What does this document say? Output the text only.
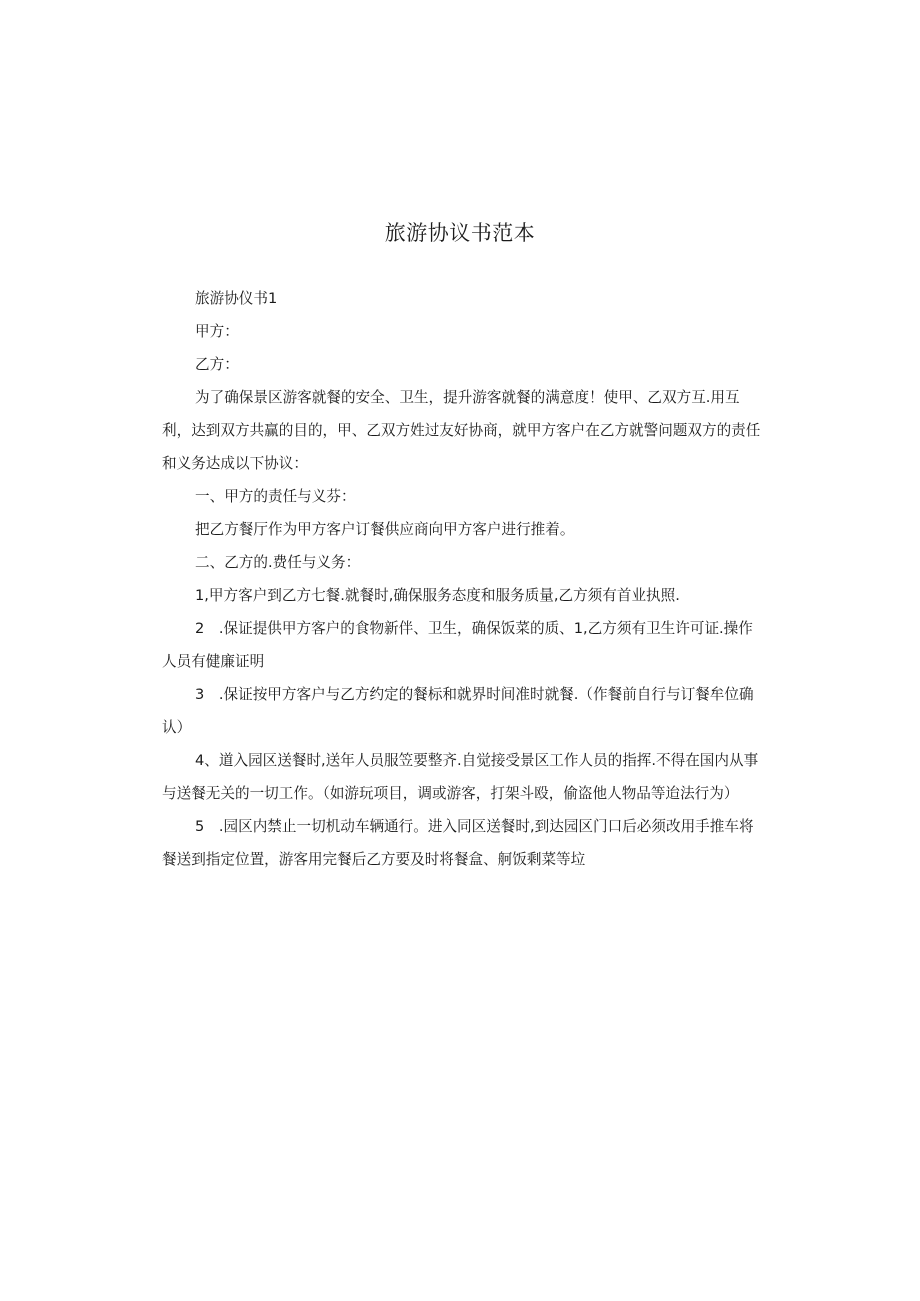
旅游协议书范本

旅游协仪书1

甲方：

乙方：

为了确保景区游客就餐的安全、卫生，提升游客就餐的满意度！使甲、乙双方互.用互利，达到双方共赢的目的，甲、乙双方姓过友好协商，就甲方客户在乙方就警问题双方的责任和义务达成以下协议：

一、甲方的责任与义芬：

把乙方餐厅作为甲方客户订餐供应商向甲方客户进行推着。

二、乙方的.费任与义务：

1,甲方客户到乙方七餐.就餐时,确保服务态度和服务质量,乙方须有首业执照.

2　.保证提供甲方客户的食物新伴、卫生，确保饭菜的质、1,乙方须有卫生许可证.操作人员有健廉证明

3　.保证按甲方客户与乙方约定的餐标和就界时间准时就餐.（作餐前自行与订餐牟位确认）

4、道入园区送餐时,送年人员服笠要整齐.自觉接受景区工作人员的指挥.不得在国内从事与送餐无关的一切工作。（如游玩项目，调或游客，打架斗殴，偷盗他人物品等迨法行为）

5　.园区内禁止一切机动车辆通行。进入同区送餐时,到达园区门口后必须改用手推车将餐送到指定位置，游客用完餐后乙方要及时将餐盒、舸饭剩菜等垃
